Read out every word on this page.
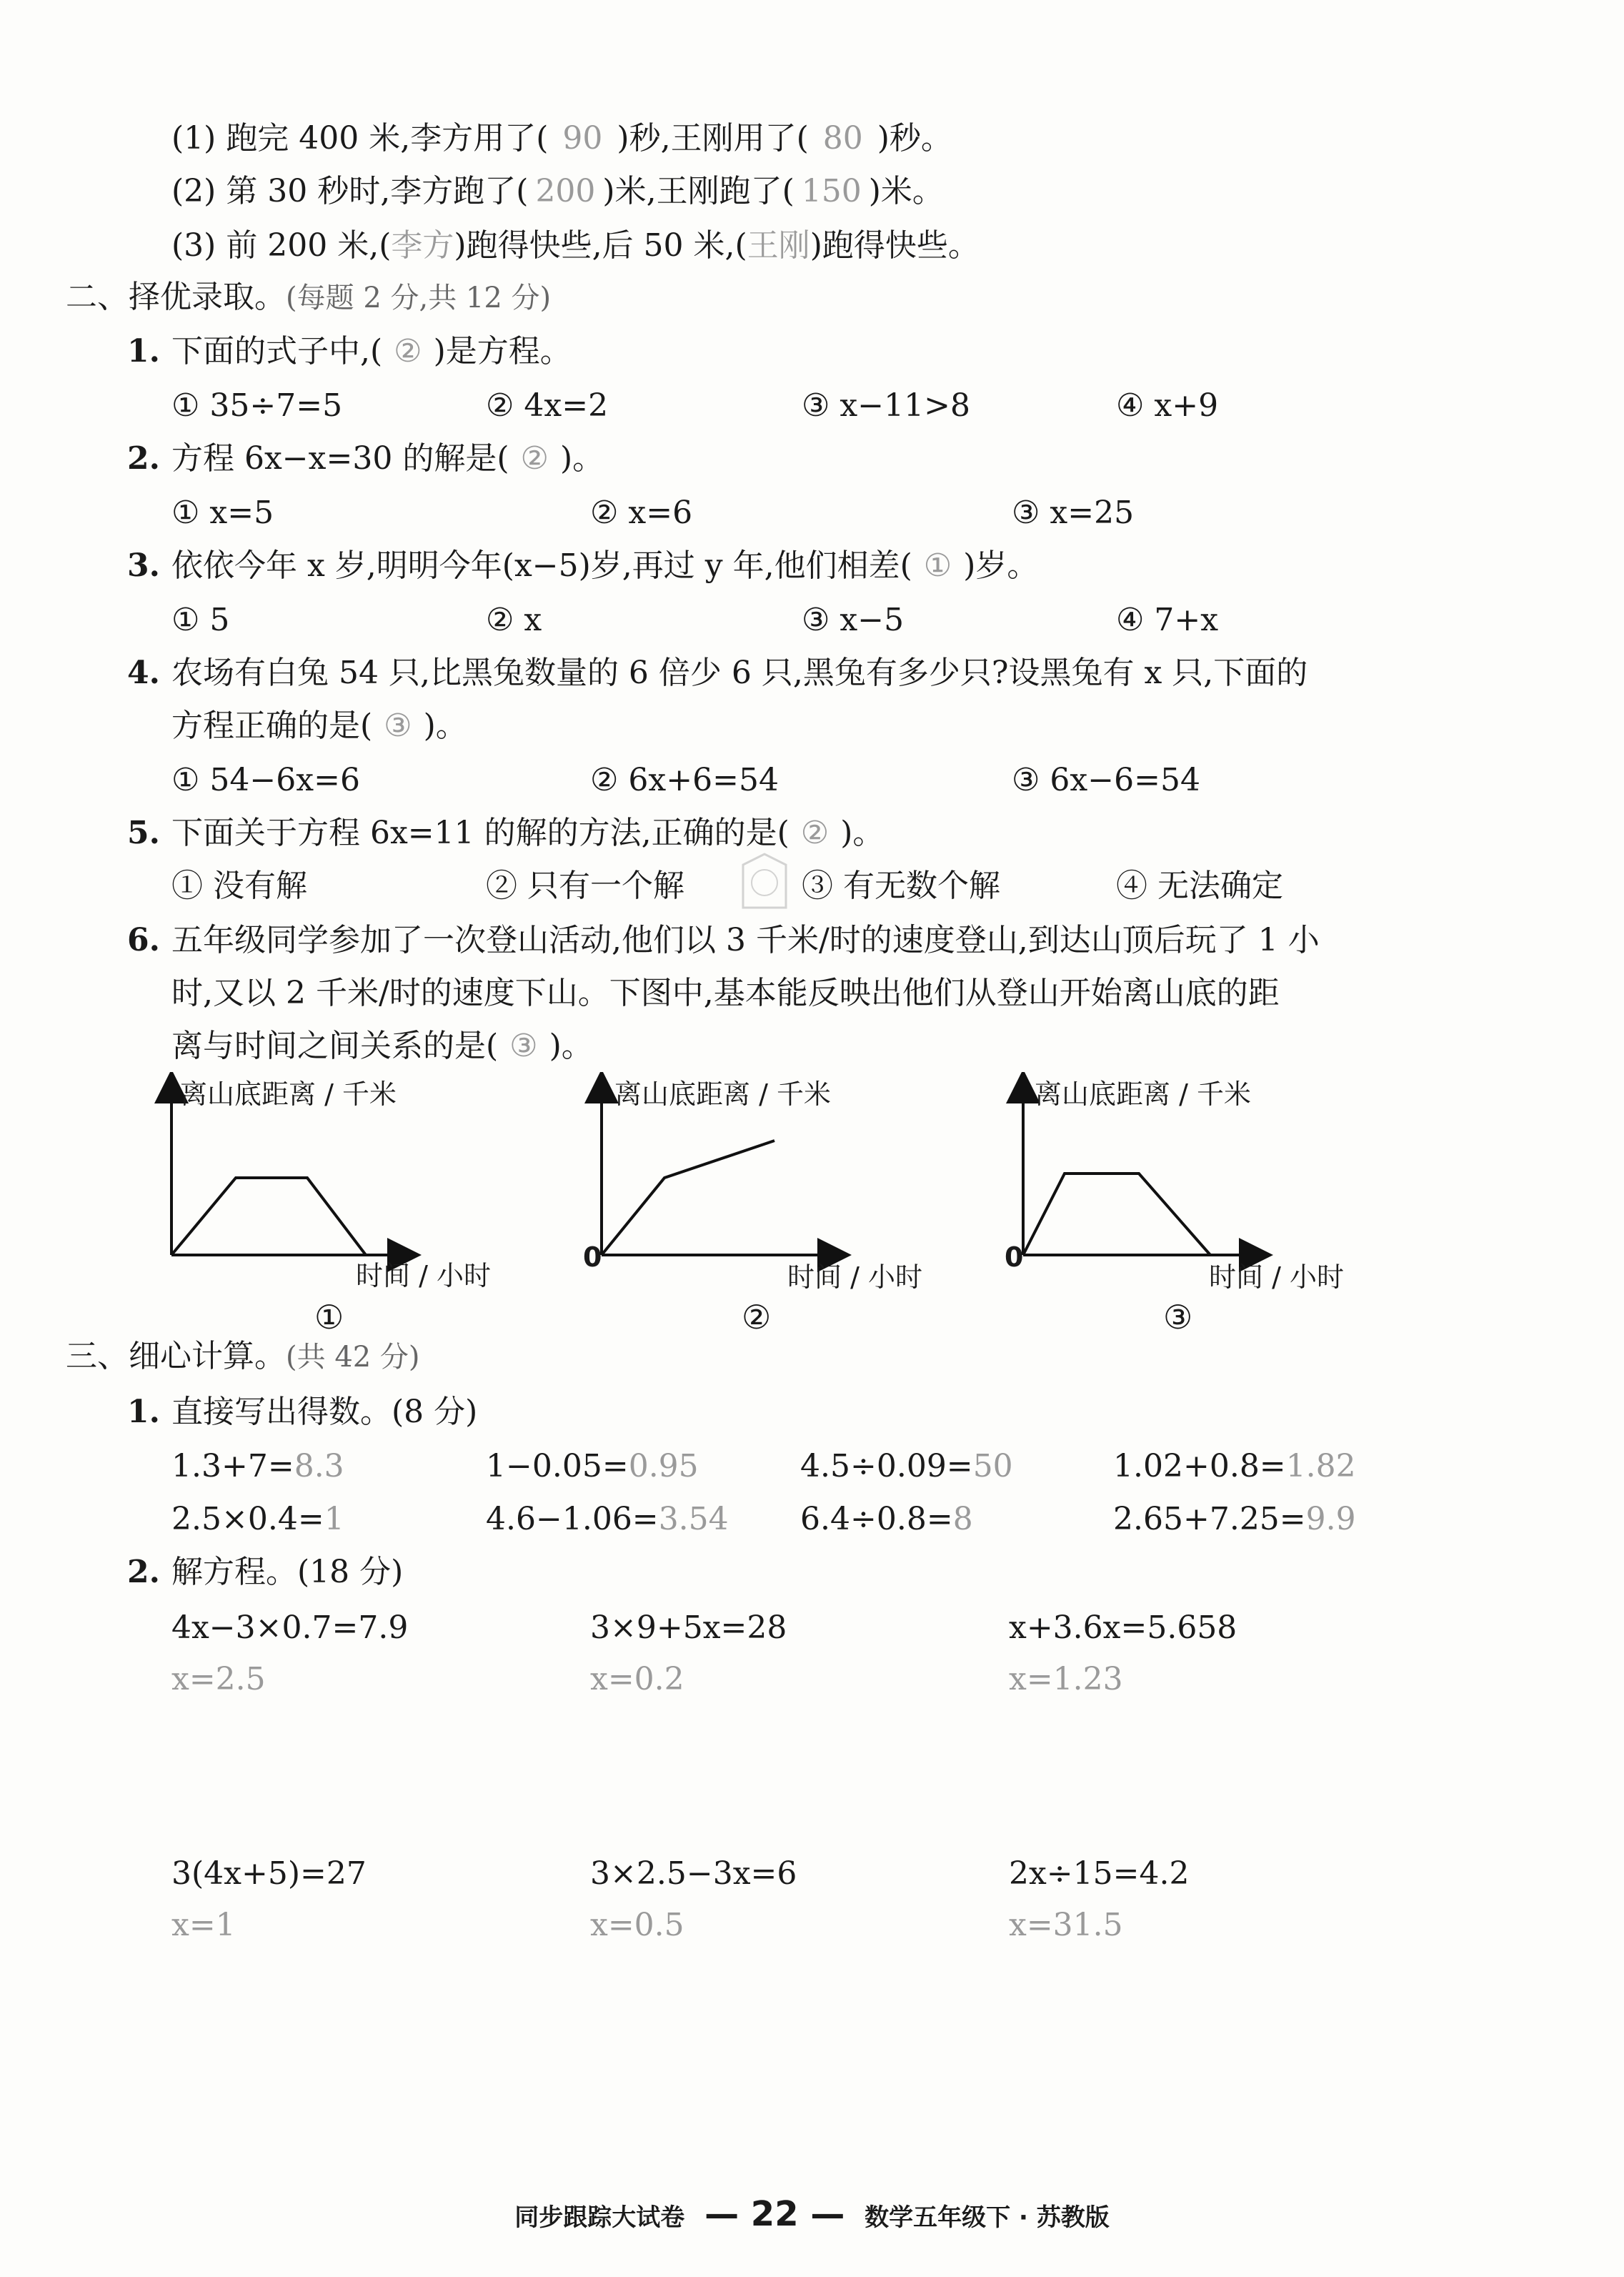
(1) 跑完 400 米,李方用了( 90 )秒,王刚用了( 80 )秒。
(2) 第 30 秒时,李方跑了( 200 )米,王刚跑了( 150 )米。
(3) 前 200 米,(李方)跑得快些,后 50 米,(王刚)跑得快些。
二、择优录取。(每题 2 分,共 12 分)
1. 下面的式子中,( ② )是方程。
① 35÷7=5	② 4x=2	③ x−11>8	④ x+9
2. 方程 6x−x=30 的解是( ② )。
① x=5	② x=6	③ x=25
3. 依依今年 x 岁,明明今年(x−5)岁,再过 y 年,他们相差( ① )岁。
① 5	② x	③ x−5	④ 7+x
4. 农场有白兔 54 只,比黑兔数量的 6 倍少 6 只,黑兔有多少只?设黑兔有 x 只,下面的
方程正确的是( ③ )。
① 54−6x=6	② 6x+6=54	③ 6x−6=54
5. 下面关于方程 6x=11 的解的方法,正确的是( ② )。
① 没有解	② 只有一个解	③ 有无数个解	④ 无法确定
6. 五年级同学参加了一次登山活动,他们以 3 千米/时的速度登山,到达山顶后玩了 1 小
时,又以 2 千米/时的速度下山。下图中,基本能反映出他们从登山开始离山底的距
离与时间之间关系的是( ③ )。
离山底距离 / 千米
时间 / 小时
①
离山底距离 / 千米
0
时间 / 小时
②
离山底距离 / 千米
0
时间 / 小时
③
三、细心计算。(共 42 分)
1. 直接写出得数。(8 分)
1.3+7=8.3	1−0.05=0.95	4.5÷0.09=50	1.02+0.8=1.82
2.5×0.4=1	4.6−1.06=3.54 6.4÷0.8=8	2.65+7.25=9.9
2. 解方程。(18 分)
4x−3×0.7=7.9
x=2.5
3×9+5x=28
x=0.2
x+3.6x=5.658
x=1.23
3(4x+5)=27
x=1
3×2.5−3x=6
x=0.5
2x÷15=4.2
x=31.5
同步跟踪大试卷 — 22 — 数学五年级下 · 苏教版
